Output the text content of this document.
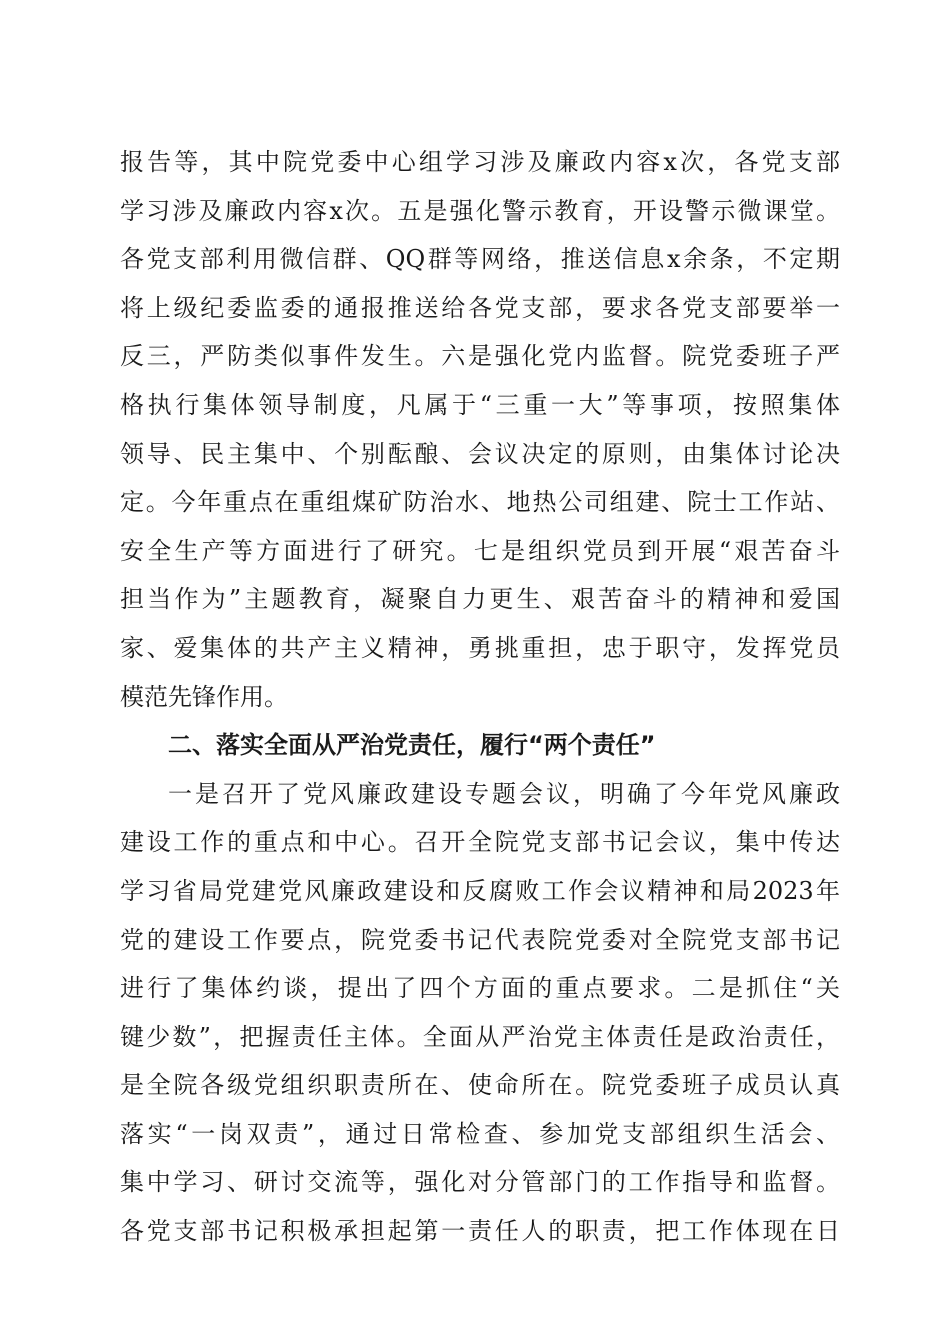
报告等，其中院党委中心组学习涉及廉政内容x次，各党支部
学习涉及廉政内容x次。五是强化警示教育，开设警示微课堂。
各党支部利用微信群、QQ群等网络，推送信息x余条，不定期
将上级纪委监委的通报推送给各党支部，要求各党支部要举一
反三，严防类似事件发生。六是强化党内监督。院党委班子严
格执行集体领导制度，凡属于“三重一大”等事项，按照集体
领导、民主集中、个别酝酿、会议决定的原则，由集体讨论决
定。今年重点在重组煤矿防治水、地热公司组建、院士工作站、
安全生产等方面进行了研究。七是组织党员到开展“艰苦奋斗
担当作为”主题教育，凝聚自力更生、艰苦奋斗的精神和爱国
家、爱集体的共产主义精神，勇挑重担，忠于职守，发挥党员
模范先锋作用。
二、落实全面从严治党责任，履行“两个责任”
一是召开了党风廉政建设专题会议，明确了今年党风廉政
建设工作的重点和中心。召开全院党支部书记会议，集中传达
学习省局党建党风廉政建设和反腐败工作会议精神和局2023年
党的建设工作要点，院党委书记代表院党委对全院党支部书记
进行了集体约谈，提出了四个方面的重点要求。二是抓住“关
键少数”，把握责任主体。全面从严治党主体责任是政治责任，
是全院各级党组织职责所在、使命所在。院党委班子成员认真
落实“一岗双责”，通过日常检查、参加党支部组织生活会、
集中学习、研讨交流等，强化对分管部门的工作指导和监督。
各党支部书记积极承担起第一责任人的职责，把工作体现在日
